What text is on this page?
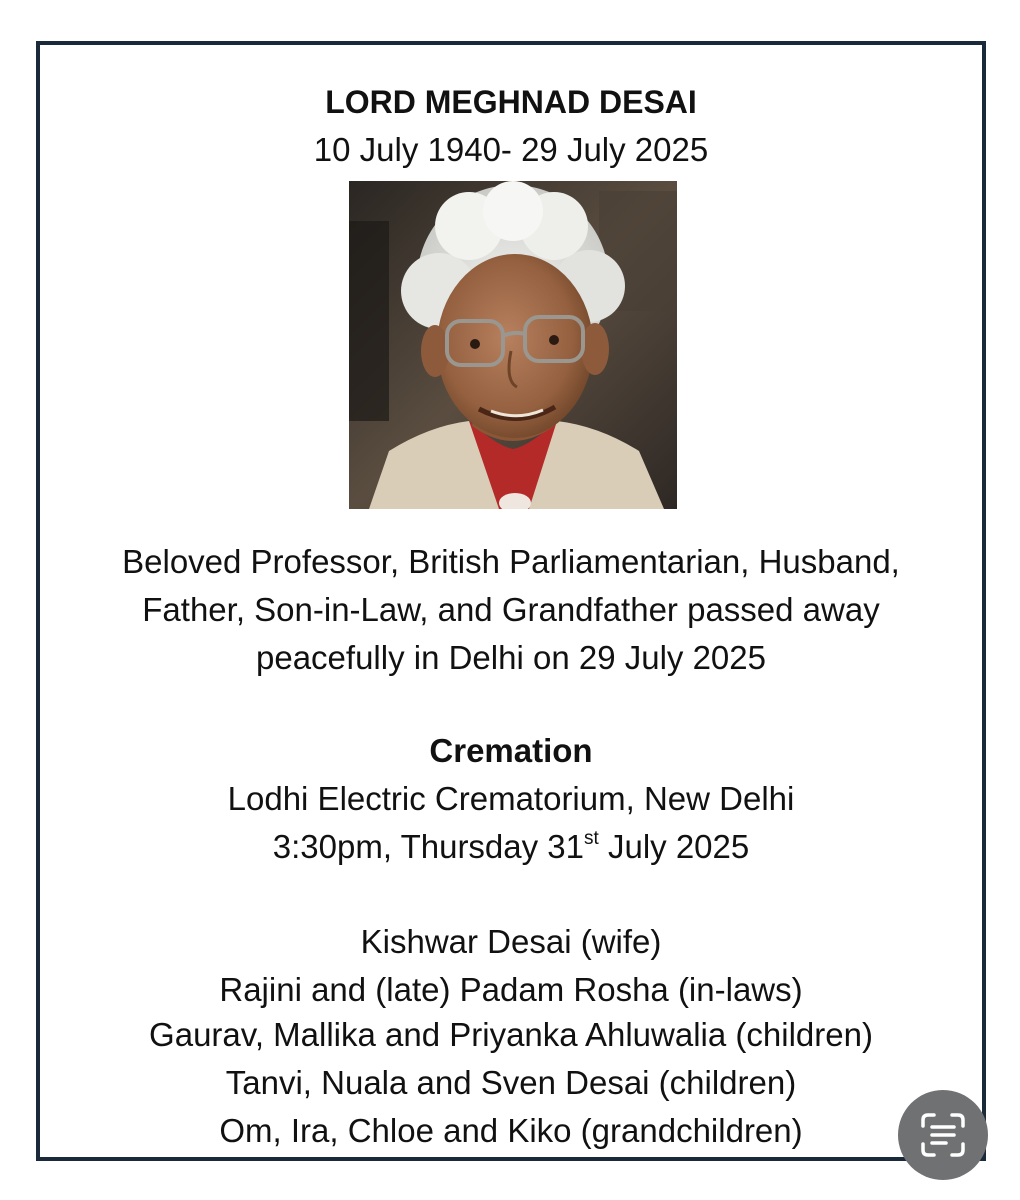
LORD MEGHNAD DESAI
10 July 1940- 29 July 2025
Beloved Professor, British Parliamentarian, Husband,
Father, Son-in-Law, and Grandfather passed away
peacefully in Delhi on 29 July 2025
Cremation
Lodhi Electric Crematorium, New Delhi
3:30pm, Thursday 31st July 2025
Kishwar Desai (wife)
Rajini and (late) Padam Rosha (in-laws)
Gaurav, Mallika and Priyanka Ahluwalia (children)
Tanvi, Nuala and Sven Desai (children)
Om, Ira, Chloe and Kiko (grandchildren)
